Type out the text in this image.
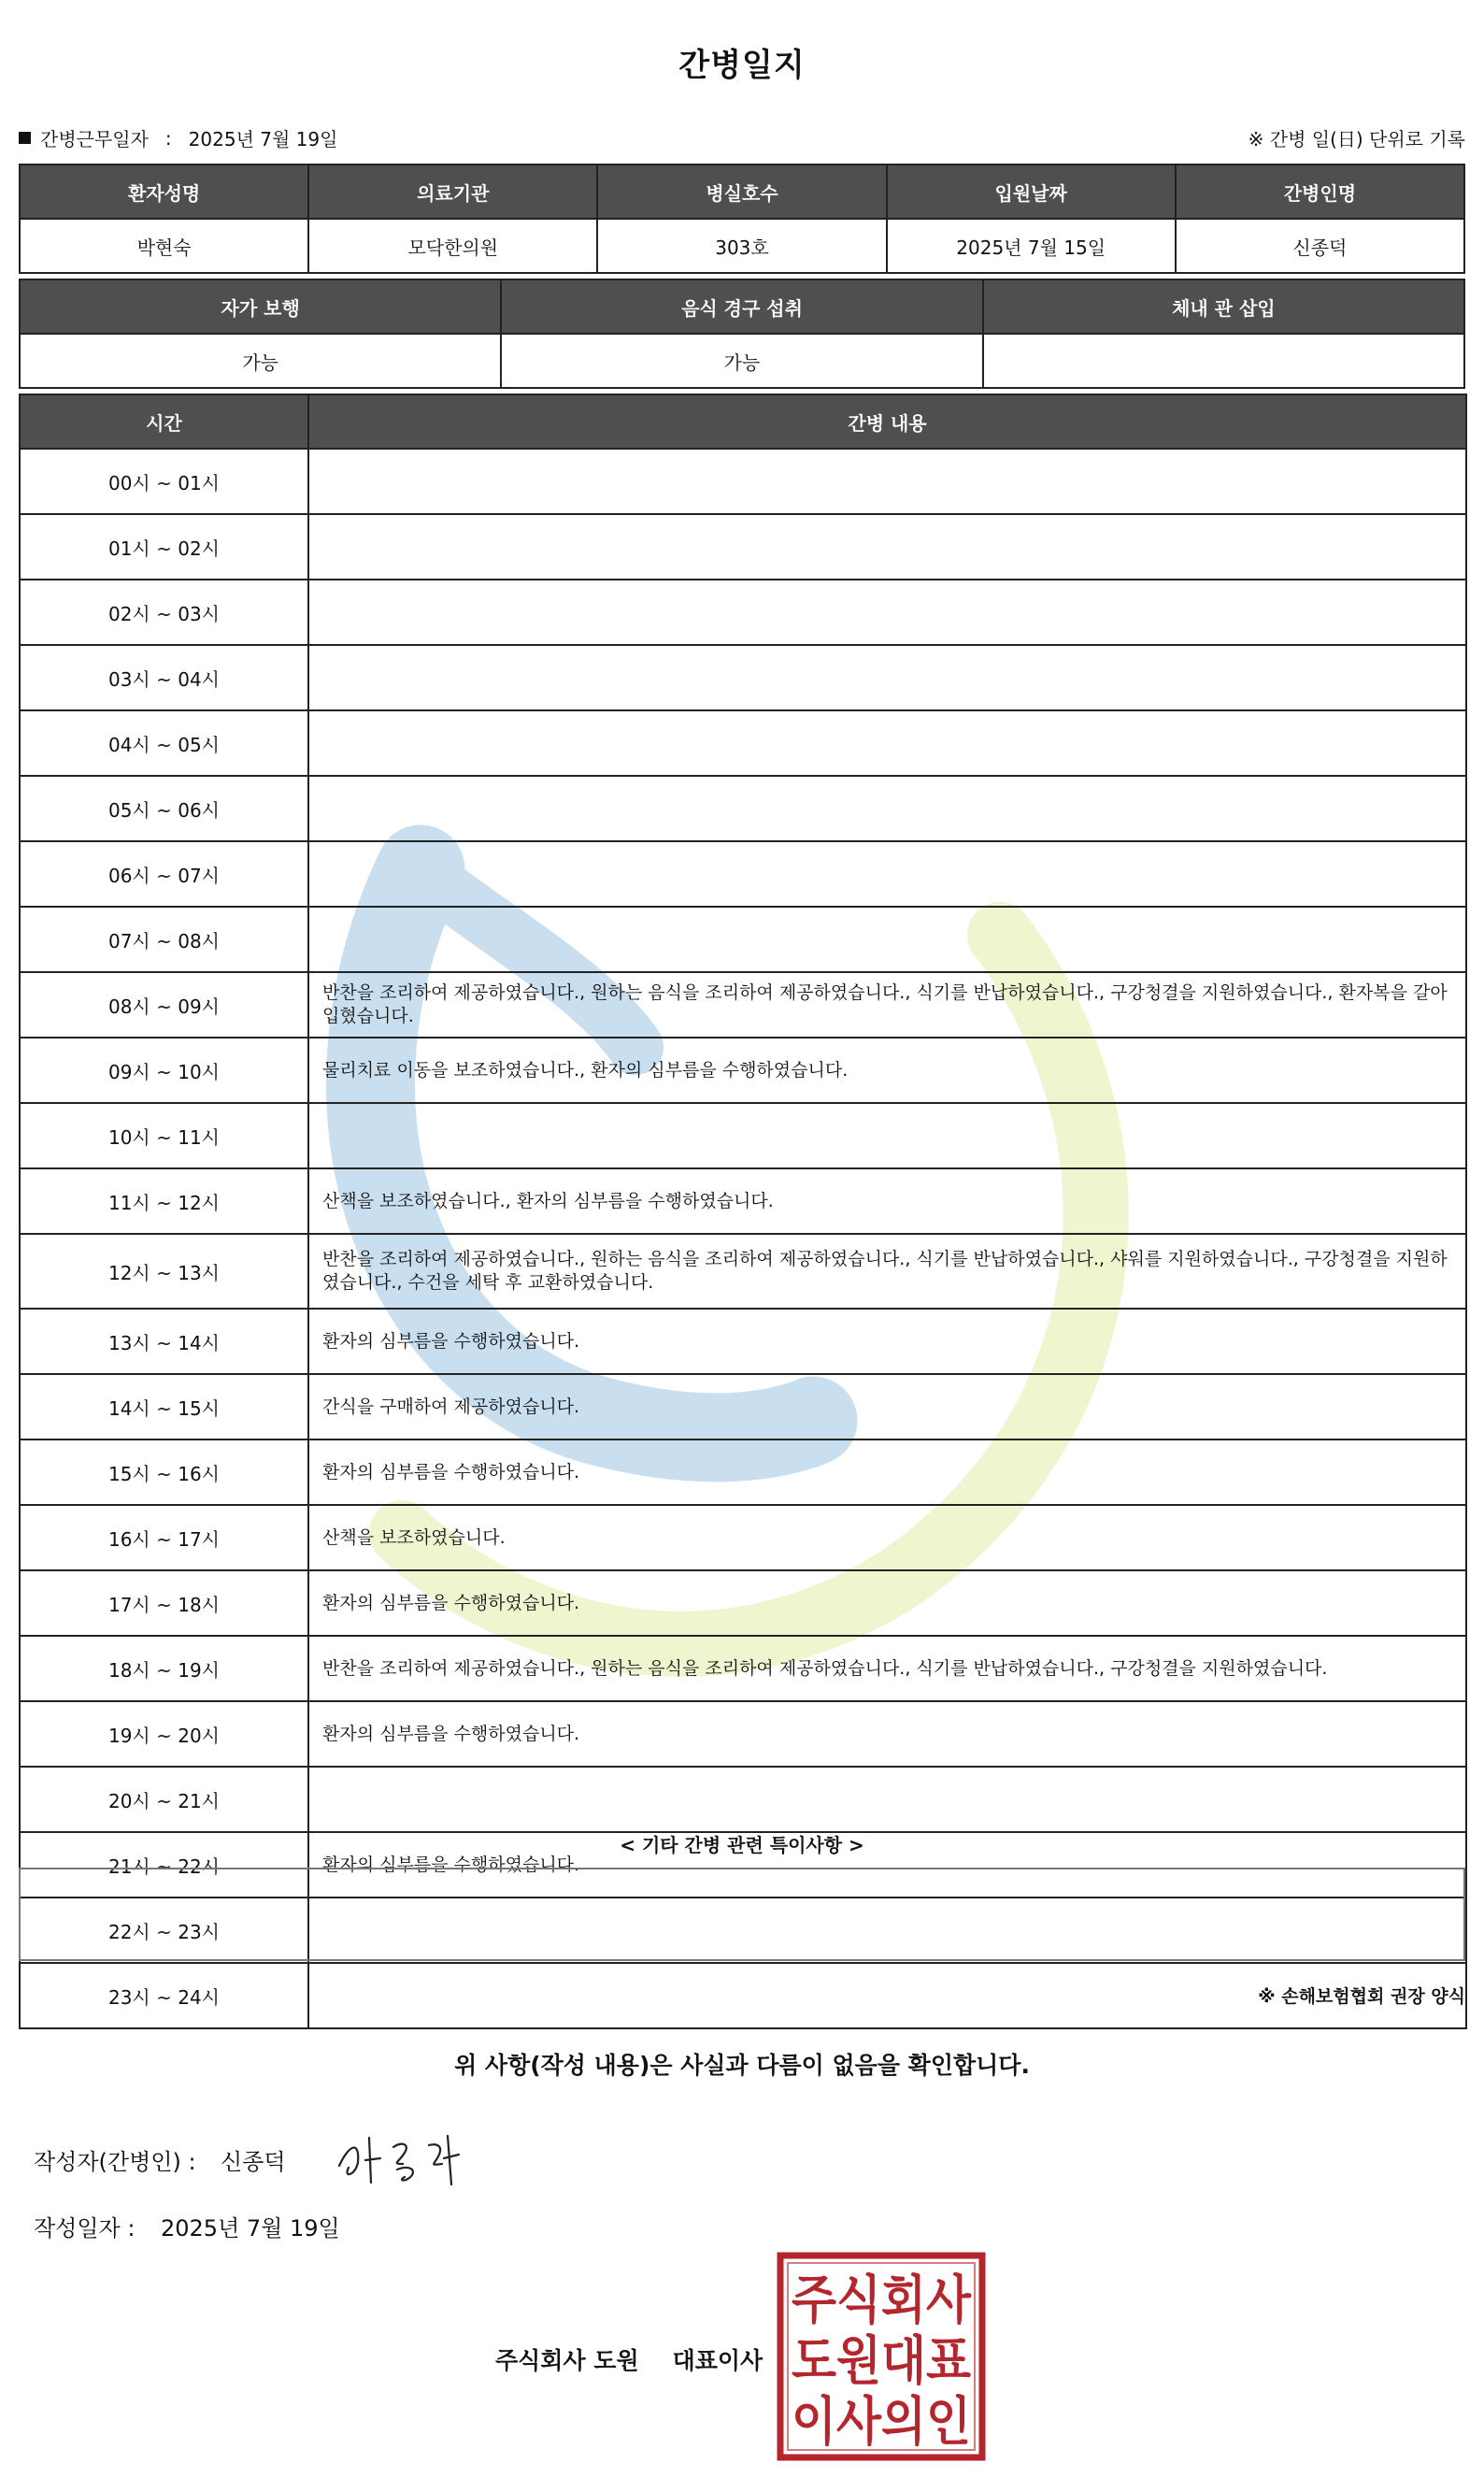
간병일지
간병근무일자 : 2025년 7월 19일	※ 간병 일(日) 단위로 기록
환자성명	의료기관	병실호수	입원날짜	간병인명
박현숙	모닥한의원	303호	2025년 7월 15일	신종덕
자가 보행	음식 경구 섭취	체내 관 삽입
가능	가능	
시간	간병 내용
00시 ~ 01시	
01시 ~ 02시	
02시 ~ 03시	
03시 ~ 04시	
04시 ~ 05시	
05시 ~ 06시	
06시 ~ 07시	
07시 ~ 08시	
08시 ~ 09시	반찬을 조리하여 제공하였습니다., 원하는 음식을 조리하여 제공하였습니다., 식기를 반납하였습니다., 구강청결을 지원하였습니다., 환자복을 갈아입혔습니다.
09시 ~ 10시	물리치료 이동을 보조하였습니다., 환자의 심부름을 수행하였습니다.
10시 ~ 11시	
11시 ~ 12시	산책을 보조하였습니다., 환자의 심부름을 수행하였습니다.
12시 ~ 13시	반찬을 조리하여 제공하였습니다., 원하는 음식을 조리하여 제공하였습니다., 식기를 반납하였습니다., 샤워를 지원하였습니다., 구강청결을 지원하였습니다., 수건을 세탁 후 교환하였습니다.
13시 ~ 14시	환자의 심부름을 수행하였습니다.
14시 ~ 15시	간식을 구매하여 제공하였습니다.
15시 ~ 16시	환자의 심부름을 수행하였습니다.
16시 ~ 17시	산책을 보조하였습니다.
17시 ~ 18시	환자의 심부름을 수행하였습니다.
18시 ~ 19시	반찬을 조리하여 제공하였습니다., 원하는 음식을 조리하여 제공하였습니다., 식기를 반납하였습니다., 구강청결을 지원하였습니다.
19시 ~ 20시	환자의 심부름을 수행하였습니다.
20시 ~ 21시	
21시 ~ 22시	환자의 심부름을 수행하였습니다.
22시 ~ 23시	
23시 ~ 24시	
< 기타 간병 관련 특이사항 >
※ 손해보험협회 권장 양식
위 사항(작성 내용)은 사실과 다름이 없음을 확인합니다.
작성자(간병인) : 신종덕
작성일자 : 2025년 7월 19일
주식회사 도원 대표이사
주식회사
도원대표
이사의인
